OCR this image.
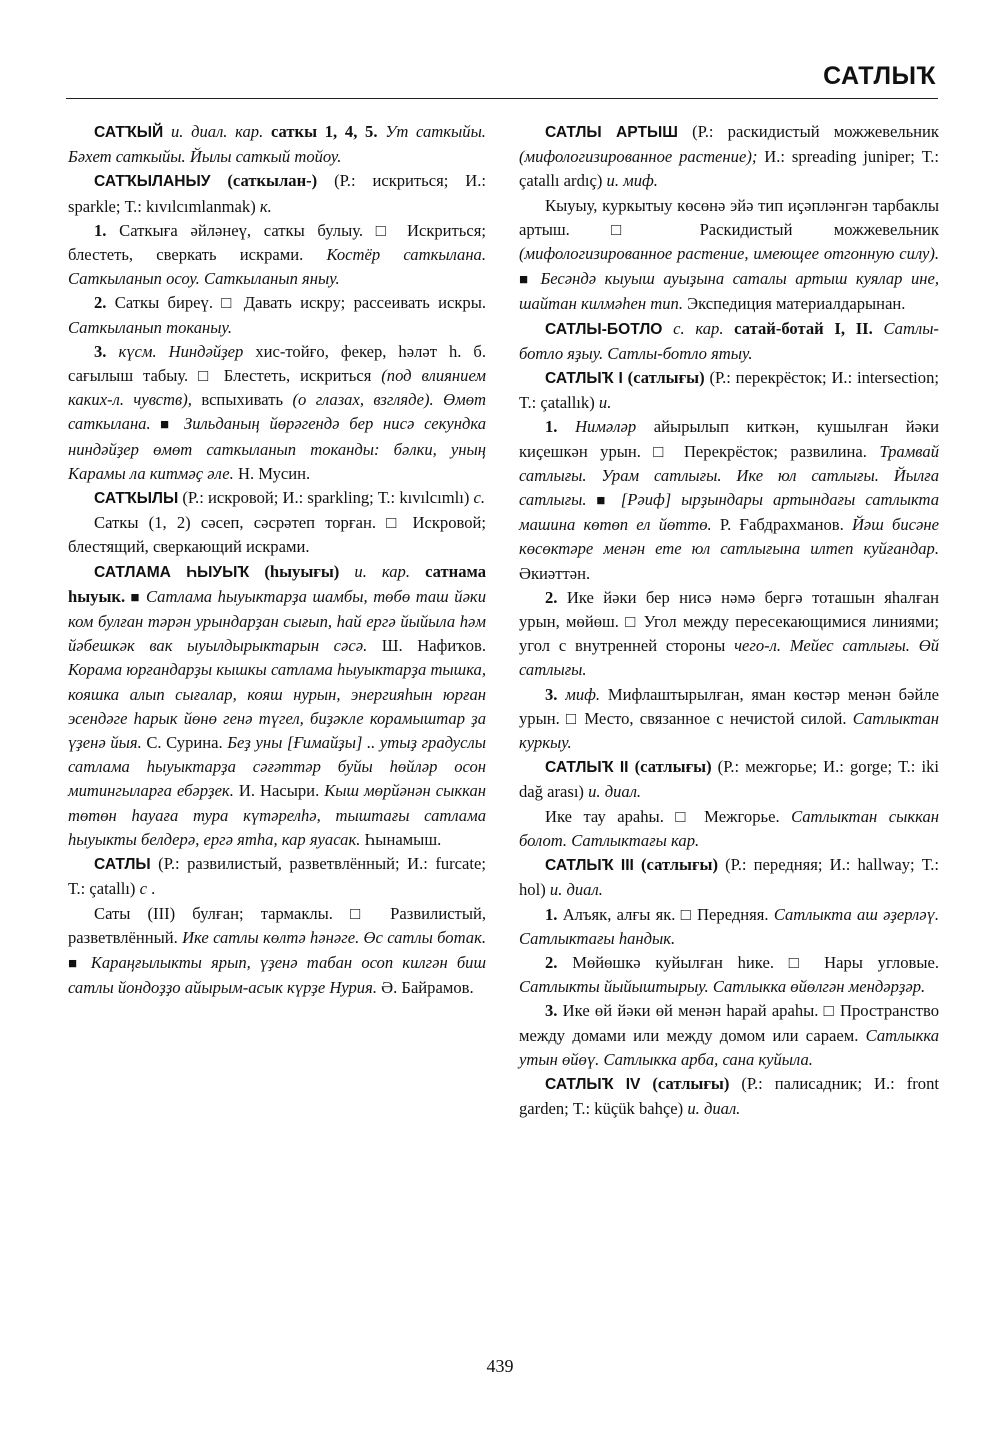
САТЛЫҠ

САТҠЫЙ и. диал. кар. саткы 1, 4, 5. Ут саткыйы. Бәхет саткыйы. Йылы саткый тойоу.

САТҠЫЛАНЫУ (саткылан-) (Р.: искриться; И.: sparkle; Т.: kıvılcımlanmak) к.

1. Саткыға әйләнеү, саткы булыу. □ Искриться; блестеть, сверкать искрами. Костёр саткылана. Саткыланып осоу. Саткыланып яныу.

2. Саткы биреү. □ Давать искру; рассеивать искры. Саткыланып токаныу.

3. күсм. Ниндәйҙер хис-тойғо, фекер, һәләт һ. б. сағылыш табыу. □ Блестеть, искриться (под влиянием каких-л. чувств), вспыхивать (о глазах, взгляде). Өмөт саткылана. ■ Зильданың йөрәгендә бер нисә секундка ниндәйҙер өмөт саткыланып токанды: бәлки, уның Карамы ла китмәҫ әле. Н. Мусин.

САТҠЫЛЫ (Р.: искровой; И.: sparkling; Т.: kıvılcımlı) с.

Саткы (1, 2) сәсеп, сәсрәтеп торған. □ Искровой; блестящий, сверкающий искрами.

САТЛАМА ҺЫУЫҠ (һыуығы) и. кар. сатнама һыуык. ■ Сатлама һыуыктарҙа шамбы, төбө таш йәки ком булған тәрән урындарҙан сығып, һай ергә йыйыла һәм йәбешкәк вак ыуылдырыктарын сәсә. Ш. Нафиҡов. Корама юрғандарҙы кышкы сатлама һыуыктарҙа тышка, кояшка алып сығалар, кояш нурын, энергияһын юрған эсендәге һарык йөнө генә түгел, биҙәкле корамыштар ҙа үҙенә йыя. С. Сурина. Беҙ уны [Ғимайҙы] .. утыҙ градуслы сатлама һыуыктарҙа сәғәттәр буйы һөйләр осон митингыларға ебәрҙек. И. Насыри. Кыш мөрйәнән сыккан төтөн һауаға тура күтәрелһә, тыштағы сатлама һыуыкты белдерә, ергә ятһа, кар яуасак. Һынамыш.

САТЛЫ (Р.: развилистый, разветвлённый; И.: furcate; Т.: çatallı) с .

Саты (III) булған; тармаклы. □ Развилистый, разветвлённый. Ике сатлы көлтә һәнәге. Өс сатлы ботак. ■ Караңғылыкты ярып, үҙенә табан осоп килгән биш сатлы йондоҙҙо айырым-асык күрҙе Нурия. Ә. Байрамов.

САТЛЫ АРТЫШ (Р.: раскидистый можжевельник (мифологизированное растение); И.: spreading juniper; Т.: çatallı ardıç) и. миф.

Кыуыу, куркытыу көсөнә эйә тип иҫәпләнгән тарбаклы артыш. □ Раскидистый можжевельник (мифологизированное растение, имеющее отгонную силу). ■ Бесәндә кыуыш ауыҙына саталы артыш куялар ине, шайтан килмәһен тип. Экспедиция материалдарынан.

САТЛЫ-БОТЛО с. кар. сатай-ботай I, II. Сатлы-ботло яҙыу. Сатлы-ботло ятыу.

САТЛЫҠ I (сатлығы) (Р.: перекрёсток; И.: intersection; Т.: çatallık) и.

1. Нимәләр айырылып киткән, кушылған йәки киҫешкән урын. □ Перекрёсток; развилина. Трамвай сатлығы. Урам сатлығы. Ике юл сатлығы. Йылға сатлығы. ■ [Рәиф] ырҙындары артындағы сатлыкта машина көтөп ел йөттө. Р. Ғабдрахманов. Йәш бисәне көсөктәре менән ете юл сатлығына илтеп куйғандар. Әкиәттән.

2. Ике йәки бер нисә нәмә бергә тоташын яһалған урын, мөйөш. □ Угол между пересекающимися линиями; угол с внутренней стороны чего-л. Мейес сатлығы. Өй сатлығы.

3. миф. Мифлаштырылған, яман көстәр менән бәйле урын. □ Место, связанное с нечистой силой. Сатлыктан куркыу.

САТЛЫҠ II (сатлығы) (Р.: межгорье; И.: gorge; Т.: iki dağ arası) и. диал.

Ике тау араһы. □ Межгорье. Сатлыктан сыккан болот. Сатлыктағы кар.

САТЛЫҠ III (сатлығы) (Р.: передняя; И.: hallway; Т.: hol) и. диал.

1. Алъяк, алғы як. □ Передняя. Сатлыкта аш әҙерләү. Сатлыктағы һандык.

2. Мөйөшкә куйылған һике. □ Нары угловые. Сатлыкты йыйыштырыу. Сатлыкка өйөлгән мендәрҙәр.

3. Ике өй йәки өй менән һарай араһы. □ Пространство между домами или между домом или сараем. Сатлыкка утын өйөү. Сатлыкка арба, сана куйыла.

САТЛЫҠ IV (сатлығы) (Р.: палисадник; И.: front garden; Т.: küçük bahçe) и. диал.

439
